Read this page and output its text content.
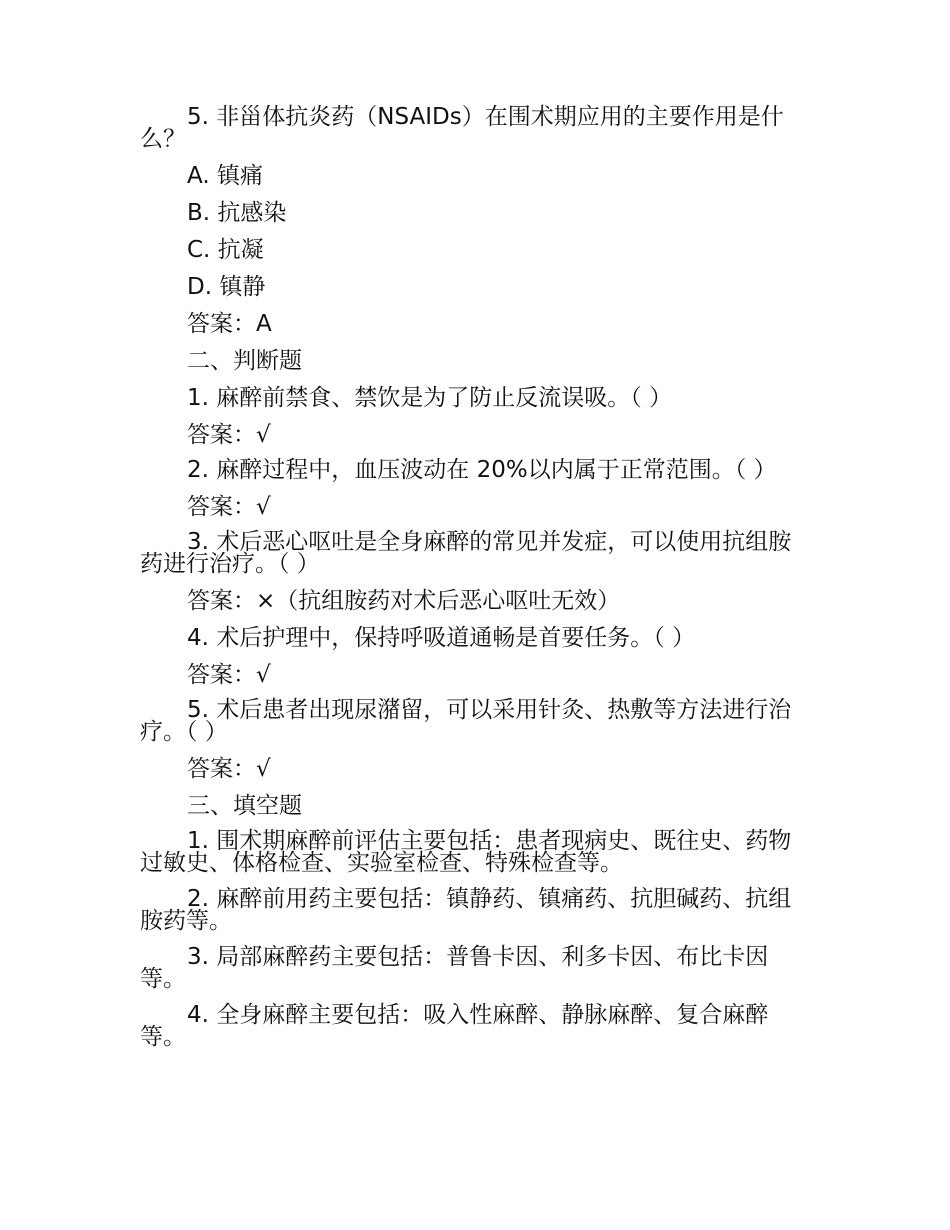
5. 非甾体抗炎药（NSAIDs）在围术期应用的主要作用是什么？

A. 镇痛

B. 抗感染

C. 抗凝

D. 镇静

答案：A

二、判断题

1. 麻醉前禁食、禁饮是为了防止反流误吸。（ ）

答案：√

2. 麻醉过程中，血压波动在 20%以内属于正常范围。（ ）

答案：√

3. 术后恶心呕吐是全身麻醉的常见并发症，可以使用抗组胺药进行治疗。（ ）

答案：×（抗组胺药对术后恶心呕吐无效）

4. 术后护理中，保持呼吸道通畅是首要任务。（ ）

答案：√

5. 术后患者出现尿潴留，可以采用针灸、热敷等方法进行治疗。（ ）

答案：√

三、填空题

1. 围术期麻醉前评估主要包括：患者现病史、既往史、药物过敏史、体格检查、实验室检查、特殊检查等。

2. 麻醉前用药主要包括：镇静药、镇痛药、抗胆碱药、抗组胺药等。

3. 局部麻醉药主要包括：普鲁卡因、利多卡因、布比卡因等。

4. 全身麻醉主要包括：吸入性麻醉、静脉麻醉、复合麻醉等。
